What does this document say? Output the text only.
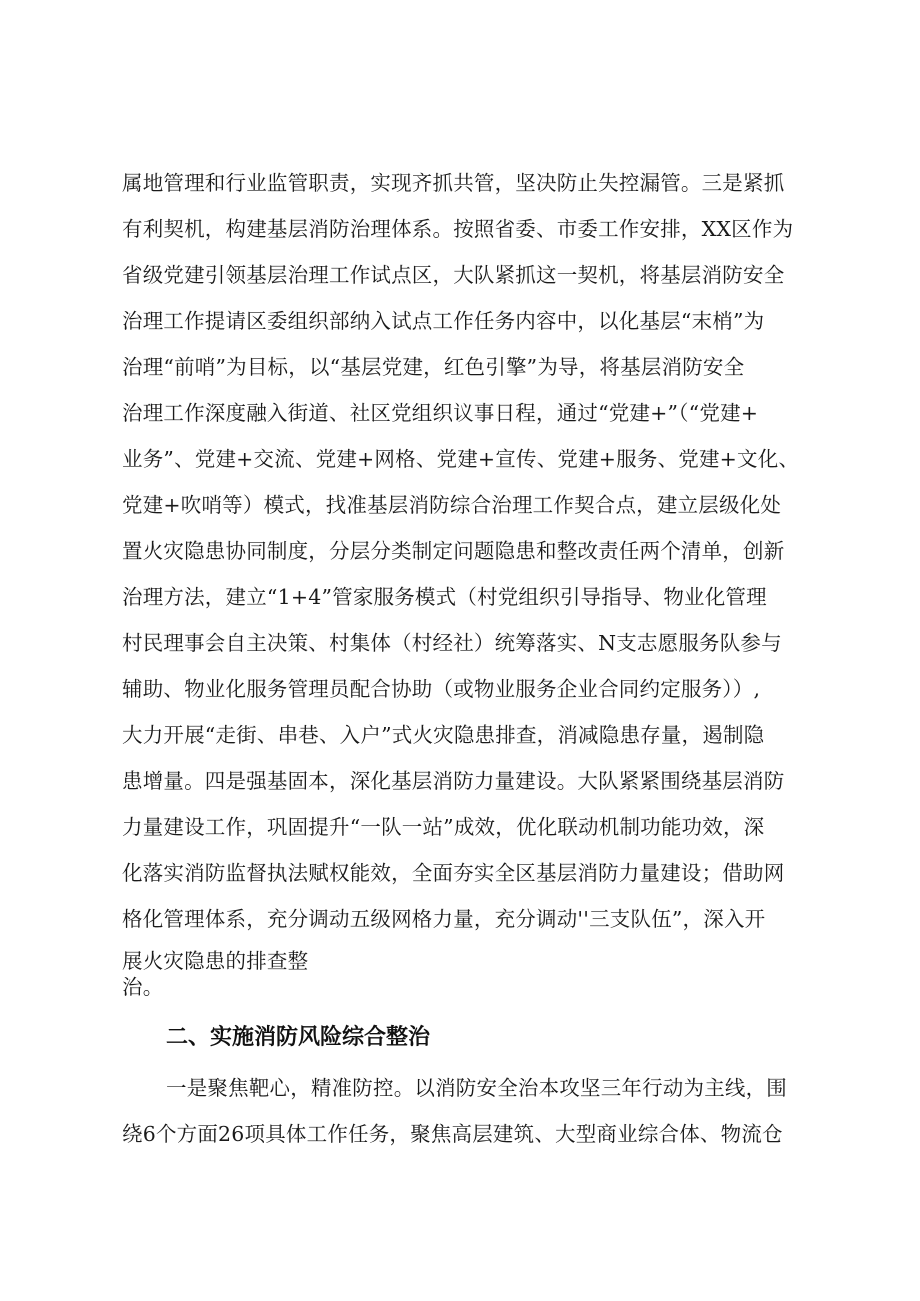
属地管理和行业监管职责，实现齐抓共管，坚决防止失控漏管。三是紧抓
有利契机，构建基层消防治理体系。按照省委、市委工作安排，XX区作为
省级党建引领基层治理工作试点区，大队紧抓这一契机，将基层消防安全
治理工作提请区委组织部纳入试点工作任务内容中，以化基层“末梢”为
治理“前哨”为目标，以“基层党建，红色引擎”为导，将基层消防安全
治理工作深度融入街道、社区党组织议事日程，通过“党建+”（“党建+
业务”、党建+交流、党建+网格、党建+宣传、党建+服务、党建+文化、
党建+吹哨等）模式，找准基层消防综合治理工作契合点，建立层级化处
置火灾隐患协同制度，分层分类制定问题隐患和整改责任两个清单，创新
治理方法，建立“1+4”管家服务模式（村党组织引导指导、物业化管理
村民理事会自主决策、村集体（村经社）统筹落实、N支志愿服务队参与
辅助、物业化服务管理员配合协助（或物业服务企业合同约定服务））,
大力开展“走街、串巷、入户”式火灾隐患排查，消减隐患存量，遏制隐
患增量。四是强基固本，深化基层消防力量建设。大队紧紧围绕基层消防
力量建设工作，巩固提升“一队一站”成效，优化联动机制功能功效，深
化落实消防监督执法赋权能效，全面夯实全区基层消防力量建设；借助网
格化管理体系，充分调动五级网格力量，充分调动''三支队伍”，深入开
展火灾隐患的排查整
治。
二、实施消防风险综合整治
一是聚焦靶心，精准防控。以消防安全治本攻坚三年行动为主线，围
绕6个方面26项具体工作任务，聚焦高层建筑、大型商业综合体、物流仓
